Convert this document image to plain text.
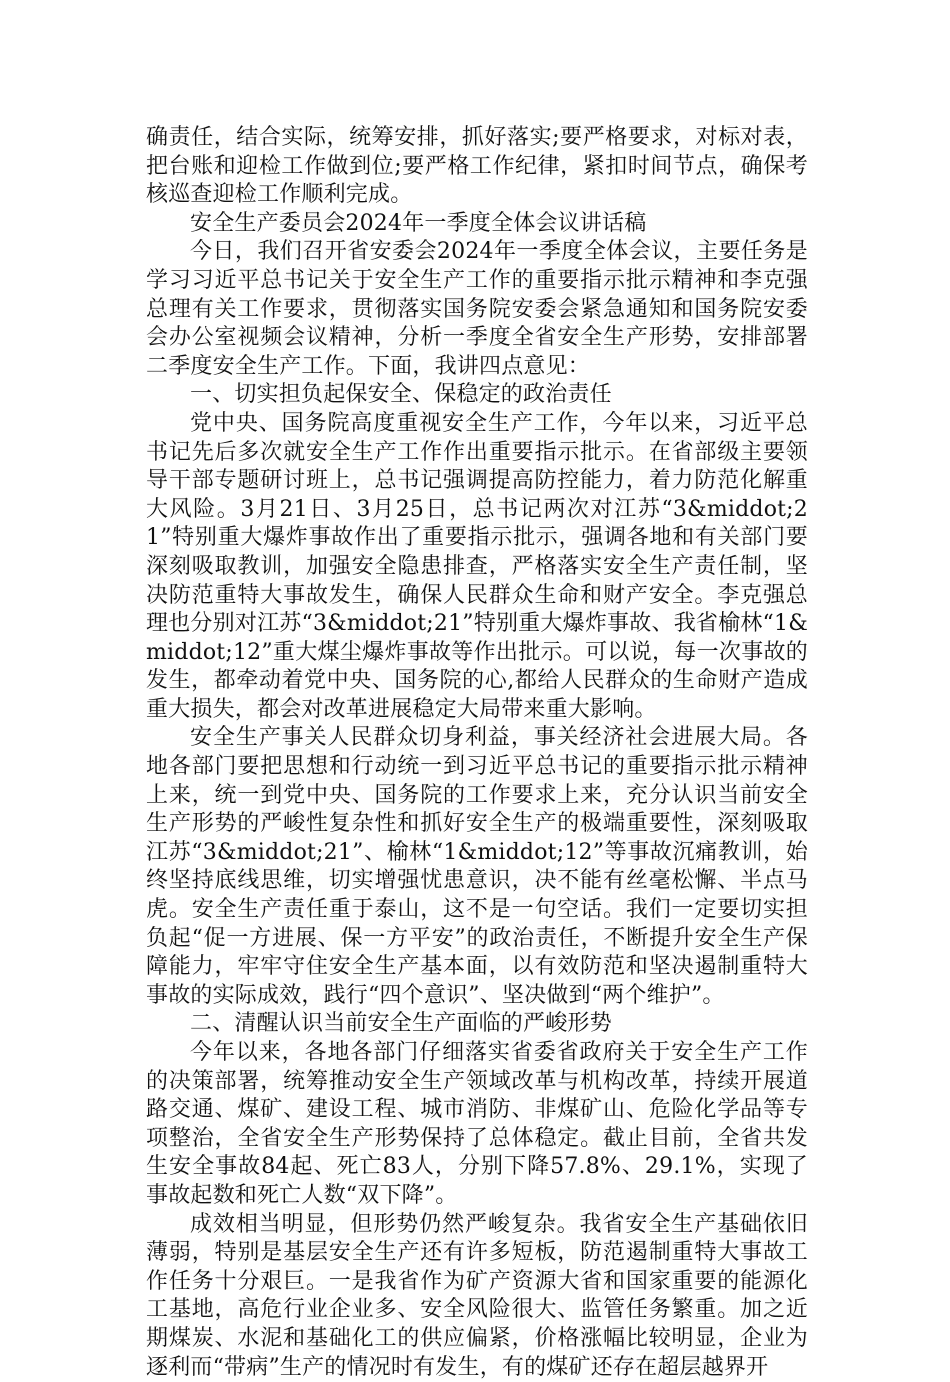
确责任，结合实际，统筹安排，抓好落实;要严格要求，对标对表，把台账和迎检工作做到位;要严格工作纪律，紧扣时间节点，确保考核巡查迎检工作顺利完成。

安全生产委员会2024年一季度全体会议讲话稿

今日，我们召开省安委会2024年一季度全体会议，主要任务是学习习近平总书记关于安全生产工作的重要指示批示精神和李克强总理有关工作要求，贯彻落实国务院安委会紧急通知和国务院安委会办公室视频会议精神，分析一季度全省安全生产形势，安排部署二季度安全生产工作。下面，我讲四点意见：

一、切实担负起保安全、保稳定的政治责任

党中央、国务院高度重视安全生产工作，今年以来，习近平总书记先后多次就安全生产工作作出重要指示批示。在省部级主要领导干部专题研讨班上，总书记强调提高防控能力，着力防范化解重大风险。3月21日、3月25日，总书记两次对江苏“3&middot;21”特别重大爆炸事故作出了重要指示批示，强调各地和有关部门要深刻吸取教训，加强安全隐患排查，严格落实安全生产责任制，坚决防范重特大事故发生，确保人民群众生命和财产安全。李克强总理也分别对江苏“3&middot;21”特别重大爆炸事故、我省榆林“1&middot;12”重大煤尘爆炸事故等作出批示。可以说，每一次事故的发生，都牵动着党中央、国务院的心,都给人民群众的生命财产造成重大损失，都会对改革进展稳定大局带来重大影响。

安全生产事关人民群众切身利益，事关经济社会进展大局。各地各部门要把思想和行动统一到习近平总书记的重要指示批示精神上来，统一到党中央、国务院的工作要求上来，充分认识当前安全生产形势的严峻性复杂性和抓好安全生产的极端重要性，深刻吸取江苏“3&middot;21”、榆林“1&middot;12”等事故沉痛教训，始终坚持底线思维，切实增强忧患意识，决不能有丝毫松懈、半点马虎。安全生产责任重于泰山，这不是一句空话。我们一定要切实担负起“促一方进展、保一方平安”的政治责任，不断提升安全生产保障能力，牢牢守住安全生产基本面，以有效防范和坚决遏制重特大事故的实际成效，践行“四个意识”、坚决做到“两个维护”。

二、清醒认识当前安全生产面临的严峻形势

今年以来，各地各部门仔细落实省委省政府关于安全生产工作的决策部署，统筹推动安全生产领域改革与机构改革，持续开展道路交通、煤矿、建设工程、城市消防、非煤矿山、危险化学品等专项整治，全省安全生产形势保持了总体稳定。截止目前，全省共发生安全事故84起、死亡83人，分别下降57.8%、29.1%，实现了事故起数和死亡人数“双下降”。

成效相当明显，但形势仍然严峻复杂。我省安全生产基础依旧薄弱，特别是基层安全生产还有许多短板，防范遏制重特大事故工作任务十分艰巨。一是我省作为矿产资源大省和国家重要的能源化工基地，高危行业企业多、安全风险很大、监管任务繁重。加之近期煤炭、水泥和基础化工的供应偏紧，价格涨幅比较明显，企业为逐利而“带病”生产的情况时有发生，有的煤矿还存在超层越界开
